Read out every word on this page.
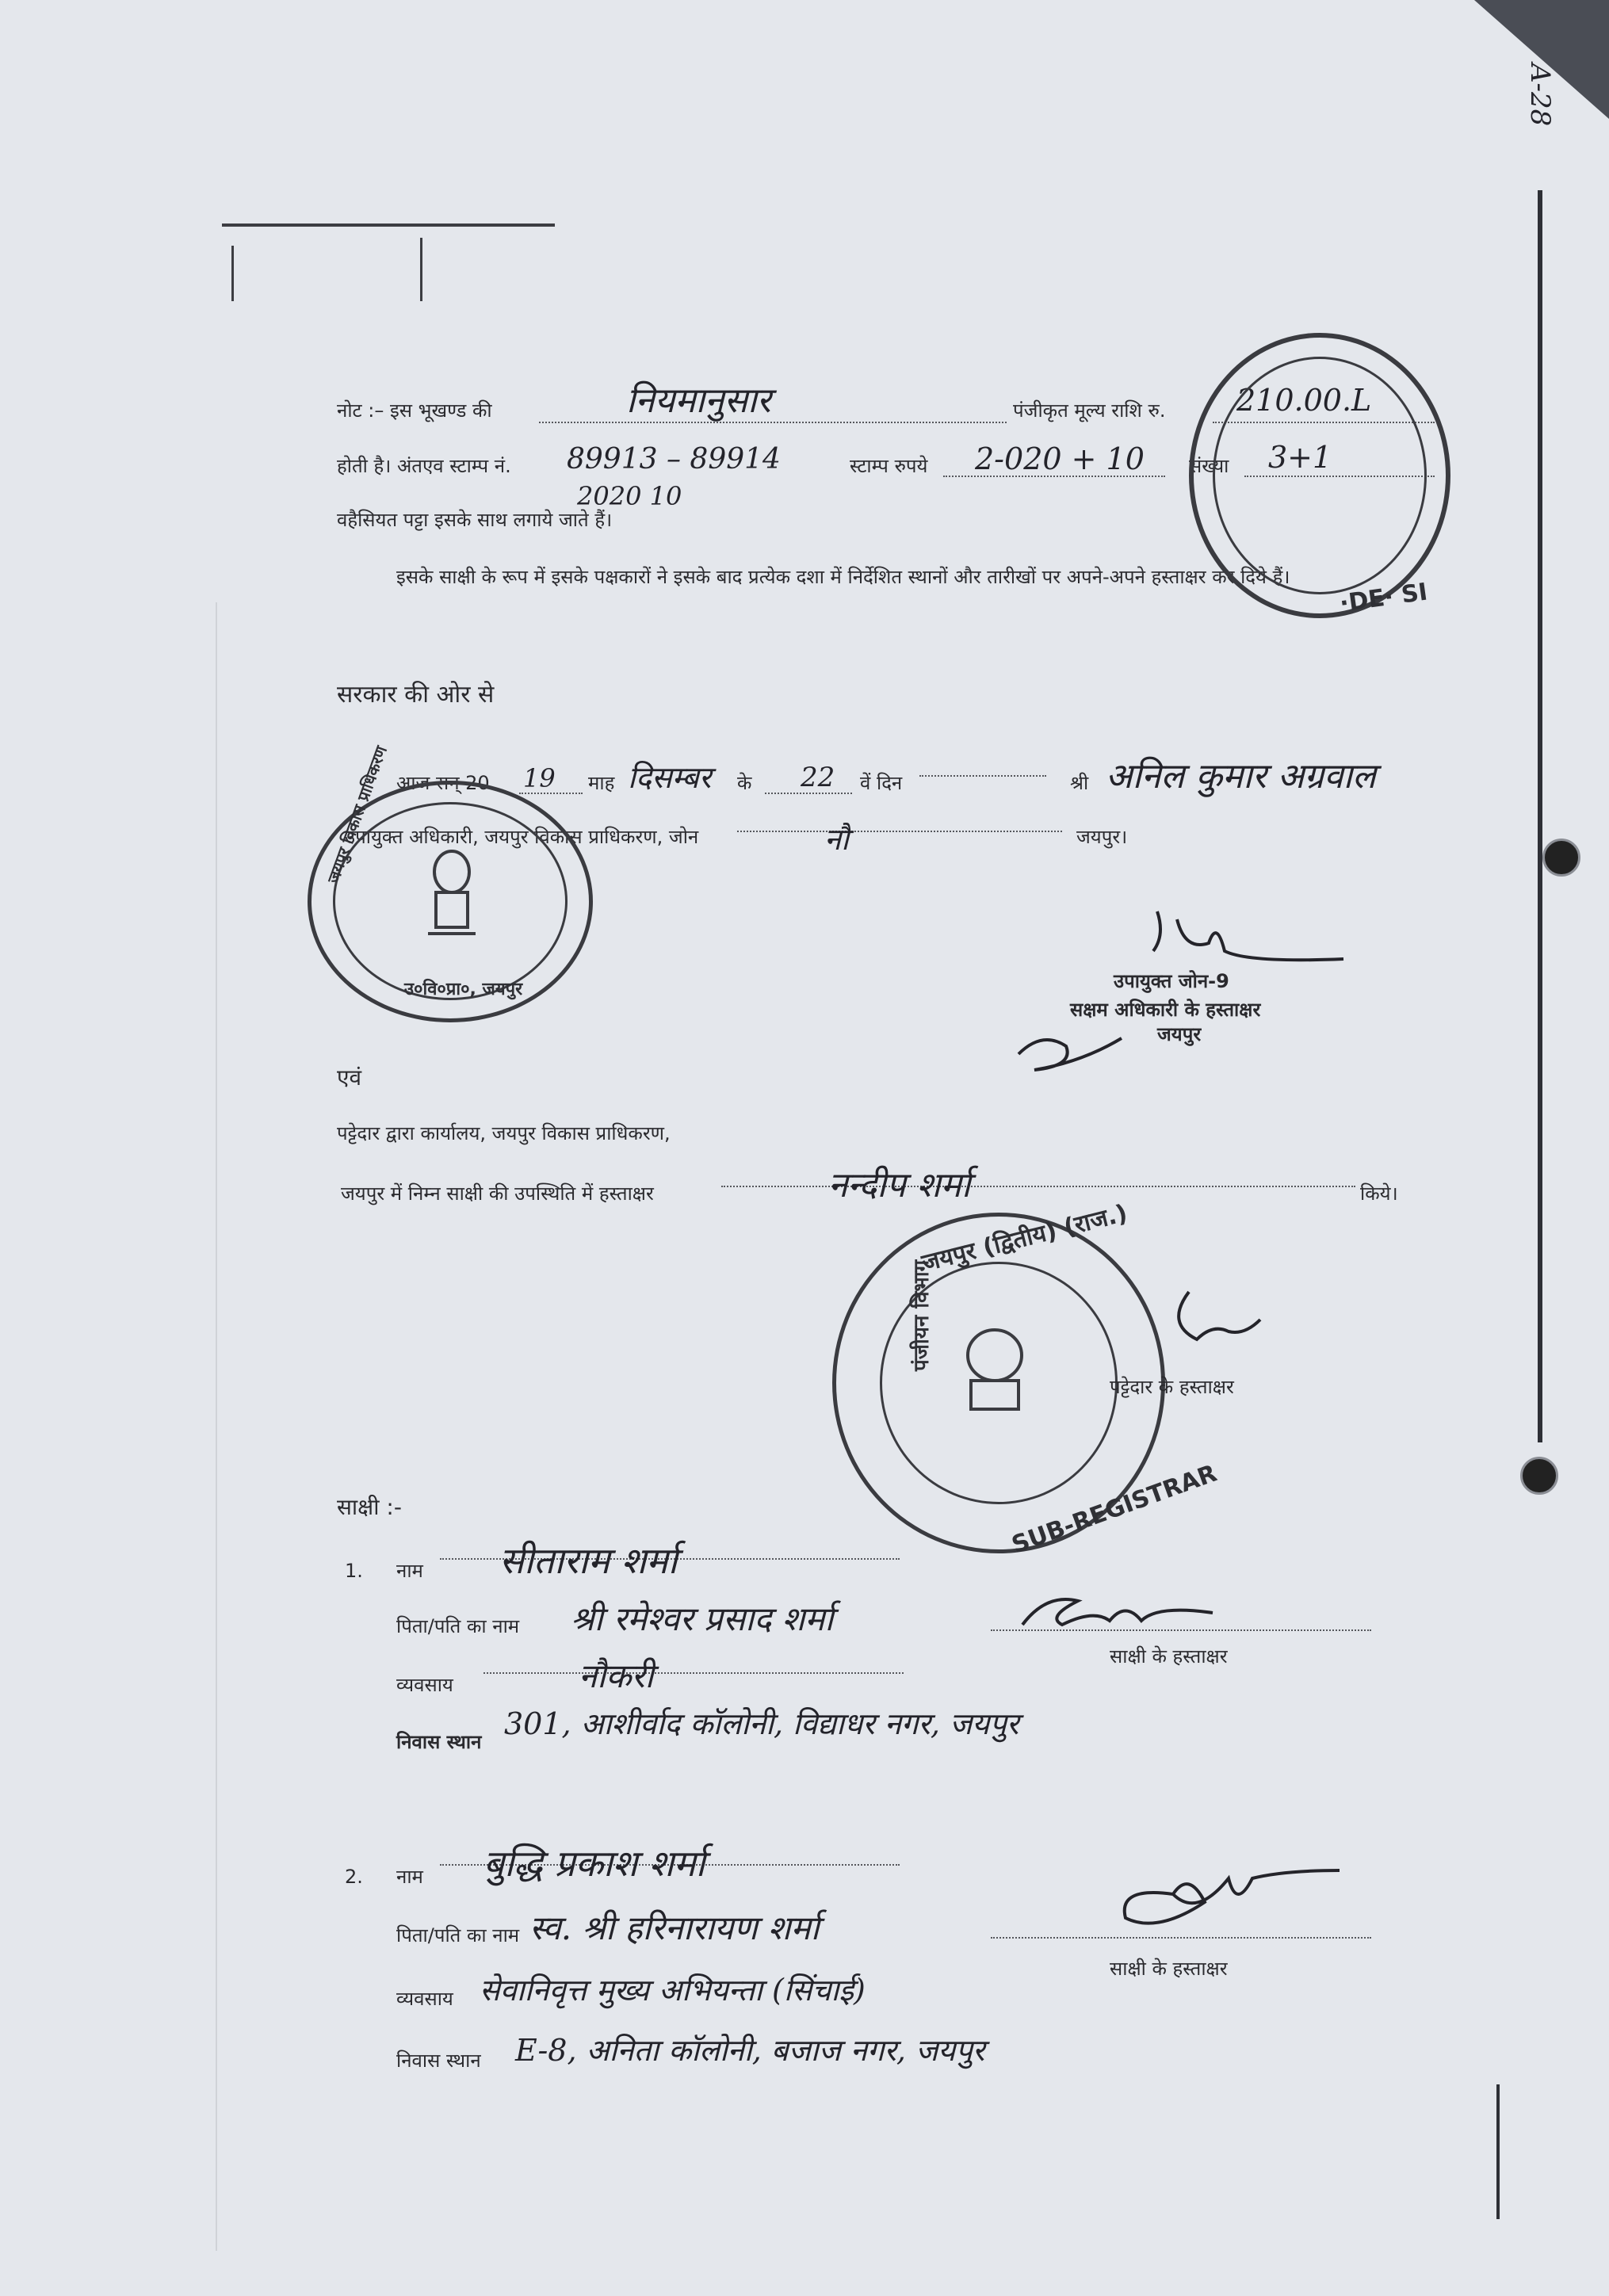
A-28
नोट :– इस भूखण्ड की	नियमानुसार	पंजीकृत मूल्य राशि रु. 210.00.L
होती है। अंतएव स्टाम्प नं. 89913 – 89914
2020 10
स्टाम्प रुपये 2-020 + 10 संख्या 3+1
वहैसियत पट्टा इसके साथ लगाये जाते हैं।
इसके साक्षी के रूप में इसके पक्षकारों ने इसके बाद प्रत्येक दशा में निर्देशित स्थानों और तारीखों पर अपने-अपने हस्ताक्षर कर दिये हैं।
·DE· SI
सरकार की ओर से
आज सन् 20 19 माह दिसम्बर के 22 वें दिन	श्री अनिल कुमार अग्रवाल
उपायुक्त अधिकारी, जयपुर विकास प्राधिकरण, जोन	नौ	जयपुर।
उ०वि०प्रा०, जयपुर
जयपुर विकास प्राधिकरण
उपायुक्त जोन-9
सक्षम अधिकारी के हस्ताक्षर
जयपुर
एवं
पट्टेदार द्वारा कार्यालय, जयपुर विकास प्राधिकरण,
जयपुर में निम्न साक्षी की उपस्थिति में हस्ताक्षर	नन्दीप शर्मा	किये।
जयपुर (द्वितीय) (राज.)
SUB-REGISTRAR
पंजीयन विभाग
पट्टेदार के हस्ताक्षर
साक्षी :-
1. नाम सीताराम शर्मा
पिता/पति का नाम श्री रमेश्वर प्रसाद शर्मा
साक्षी के हस्ताक्षर
व्यवसाय	नौकरी
निवास स्थान
301, आशीर्वाद कॉलोनी, विद्याधर नगर, जयपुर
2. नाम बुद्धि प्रकाश शर्मा
पिता/पति का नाम स्व. श्री हरिनारायण शर्मा
साक्षी के हस्ताक्षर
व्यवसाय सेवानिवृत्त मुख्य अभियन्ता (सिंचाई)
निवास स्थान E-8, अनिता कॉलोनी, बजाज नगर, जयपुर
